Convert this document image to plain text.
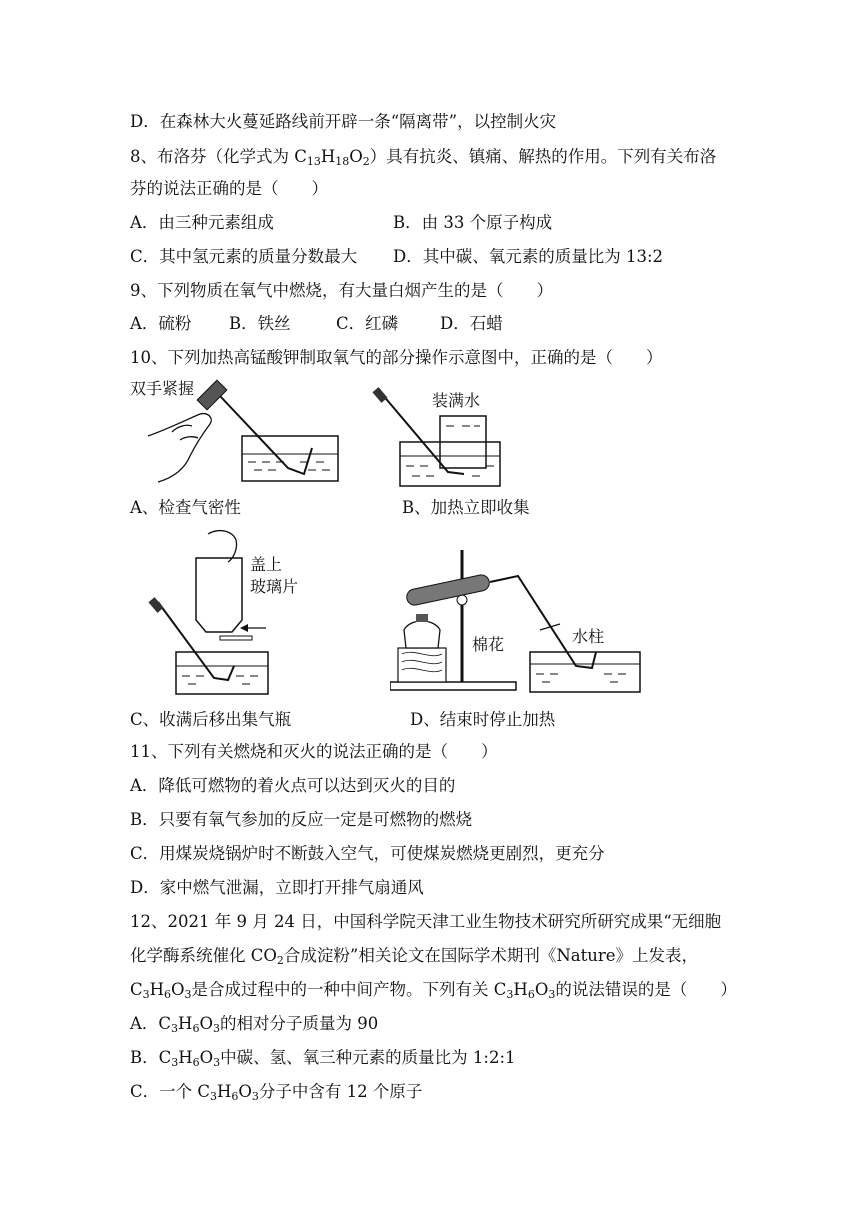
D．在森林大火蔓延路线前开辟一条“隔离带”，以控制火灾
8、布洛芬（化学式为 $C_{13}H_{18}O_2$）具有抗炎、镇痛、解热的作用。下列有关布洛
芬的说法正确的是（　　）
A．由三种元素组成	B．由 33 个原子构成
C．其中氢元素的质量分数最大 D．其中碳、氧元素的质量比为 13:2
9、下列物质在氧气中燃烧，有大量白烟产生的是（　　）
A．硫粉 B．铁丝	C．红磷	D．石蜡
10、下列加热高锰酸钾制取氧气的部分操作示意图中，正确的是（　　）
双手紧握
A、检查气密性
装满水
B、加热立即收集
盖上
玻璃片
C、收满后移出集气瓶
棉花	水柱
D、结束时停止加热
11、下列有关燃烧和灭火的说法正确的是（　　）
A．降低可燃物的着火点可以达到灭火的目的
B．只要有氧气参加的反应一定是可燃物的燃烧
C．用煤炭烧锅炉时不断鼓入空气，可使煤炭燃烧更剧烈，更充分
D．家中燃气泄漏，立即打开排气扇通风
12、2021 年 9 月 24 日，中国科学院天津工业生物技术研究所研究成果“无细胞
化学酶系统催化 $CO_2$合成淀粉”相关论文在国际学术期刊《Nature》上发表，
$C_3H_6O_3$是合成过程中的一种中间产物。下列有关 $C_3H_6O_3$的说法错误的是（　　）
A．$C_3H_6O_3$的相对分子质量为 90
B．$C_3H_6O_3$中碳、氢、氧三种元素的质量比为 1:2:1
C．一个 $C_3H_6O_3$分子中含有 12 个原子
